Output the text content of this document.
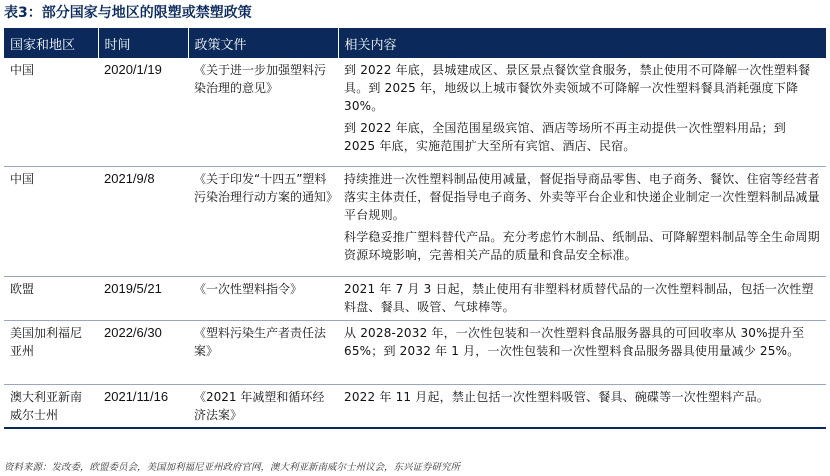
表3：部分国家与地区的限塑或禁塑政策
国家和地区	时间	政策文件	相关内容
中国	2020/1/19	《关于进一步加强塑料污染治理的意见》	到 2022 年底，县城建成区、景区景点餐饮堂食服务，禁止使用不可降解一次性塑料餐具。到 2025 年，地级以上城市餐饮外卖领域不可降解一次性塑料餐具消耗强度下降 30%。

到 2022 年底，全国范围星级宾馆、酒店等场所不再主动提供一次性塑料用品；到 2025 年底，实施范围扩大至所有宾馆、酒店、民宿。

中国	2021/9/8	《关于印发“十四五”塑料污染治理行动方案的通知》	持续推进一次性塑料制品使用减量，督促指导商品零售、电子商务、餐饮、住宿等经营者落实主体责任，督促指导电子商务、外卖等平台企业和快递企业制定一次性塑料制品减量平台规则。

科学稳妥推广塑料替代产品。充分考虑竹木制品、纸制品、可降解塑料制品等全生命周期资源环境影响，完善相关产品的质量和食品安全标准。

欧盟	2019/5/21	《一次性塑料指令》	2021 年 7 月 3 日起，禁止使用有非塑料材质替代品的一次性塑料制品，包括一次性塑料盘、餐具、吸管、气球棒等。

美国加利福尼亚州	2022/6/30	《塑料污染生产者责任法案》	从 2028-2032 年，一次性包装和一次性塑料食品服务器具的可回收率从 30%提升至 65%；到 2032 年 1 月，一次性包装和一次性塑料食品服务器具使用量减少 25%。

澳大利亚新南威尔士州	2021/11/16	《2021 年减塑和循环经济法案》	2022 年 11 月起，禁止包括一次性塑料吸管、餐具、碗碟等一次性塑料产品。

资料来源：发改委，欧盟委员会，美国加利福尼亚州政府官网，澳大利亚新南威尔士州议会，东兴证券研究所
